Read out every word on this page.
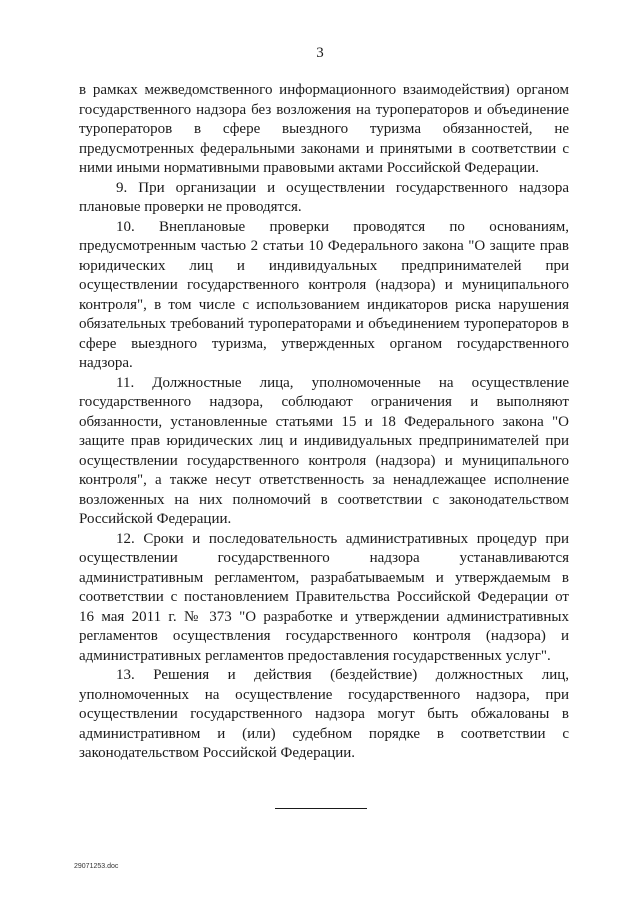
3

в рамках межведомственного информационного взаимодействия) органом государственного надзора без возложения на туроператоров и объединение туроператоров в сфере выездного туризма обязанностей, не предусмотренных федеральными законами и принятыми в соответствии с ними иными нормативными правовыми актами Российской Федерации.

9. При организации и осуществлении государственного надзора плановые проверки не проводятся.

10. Внеплановые проверки проводятся по основаниям, предусмотренным частью 2 статьи 10 Федерального закона "О защите прав юридических лиц и индивидуальных предпринимателей при осуществлении государственного контроля (надзора) и муниципального контроля", в том числе с использованием индикаторов риска нарушения обязательных требований туроператорами и объединением туроператоров в сфере выездного туризма, утвержденных органом государственного надзора.

11. Должностные лица, уполномоченные на осуществление государственного надзора, соблюдают ограничения и выполняют обязанности, установленные статьями 15 и 18 Федерального закона "О защите прав юридических лиц и индивидуальных предпринимателей при осуществлении государственного контроля (надзора) и муниципального контроля", а также несут ответственность за ненадлежащее исполнение возложенных на них полномочий в соответствии с законодательством Российской Федерации.

12. Сроки и последовательность административных процедур при осуществлении государственного надзора устанавливаются административным регламентом, разрабатываемым и утверждаемым в соответствии с постановлением Правительства Российской Федерации от 16 мая 2011 г. № 373 "О разработке и утверждении административных регламентов осуществления государственного контроля (надзора) и административных регламентов предоставления государственных услуг".

13. Решения и действия (бездействие) должностных лиц, уполномоченных на осуществление государственного надзора, при осуществлении государственного надзора могут быть обжалованы в административном и (или) судебном порядке в соответствии с законодательством Российской Федерации.

29071253.doc
